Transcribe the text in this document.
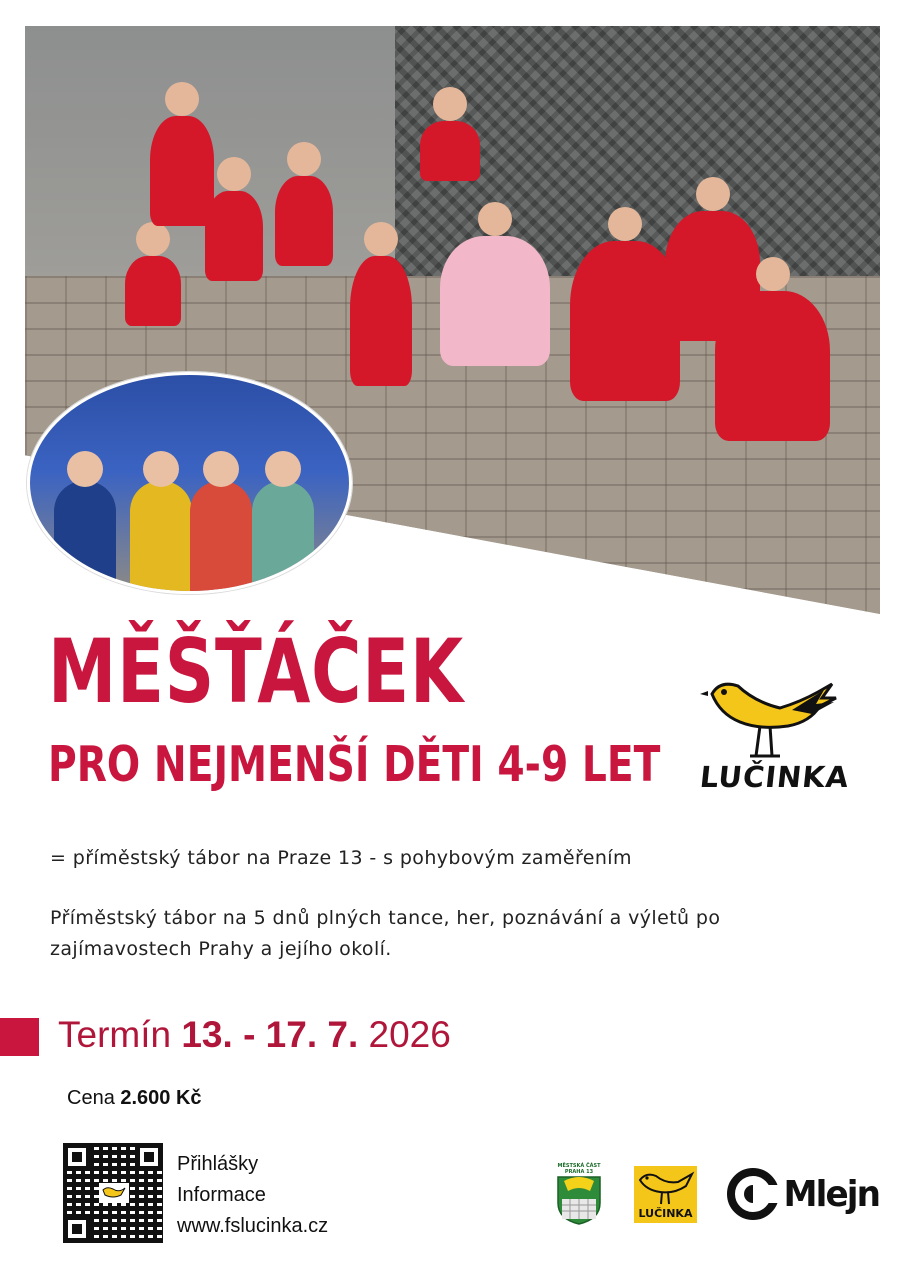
MĚŠŤÁČEK
PRO NEJMENŠÍ DĚTI 4-9 LET LUČINKA
= příměstský tábor na Praze 13 - s pohybovým zaměřením
Příměstský tábor na 5 dnů plných tance, her, poznávání a výletů po zajímavostech Prahy a jejího okolí.
Termín 13. - 17. 7. 2026
Cena 2.600 Kč
Přihlášky
Informace
www.fslucinka.cz
MĚSTSKÁ ČÁST PRAHA 13
LUČINKA	Mlejn
